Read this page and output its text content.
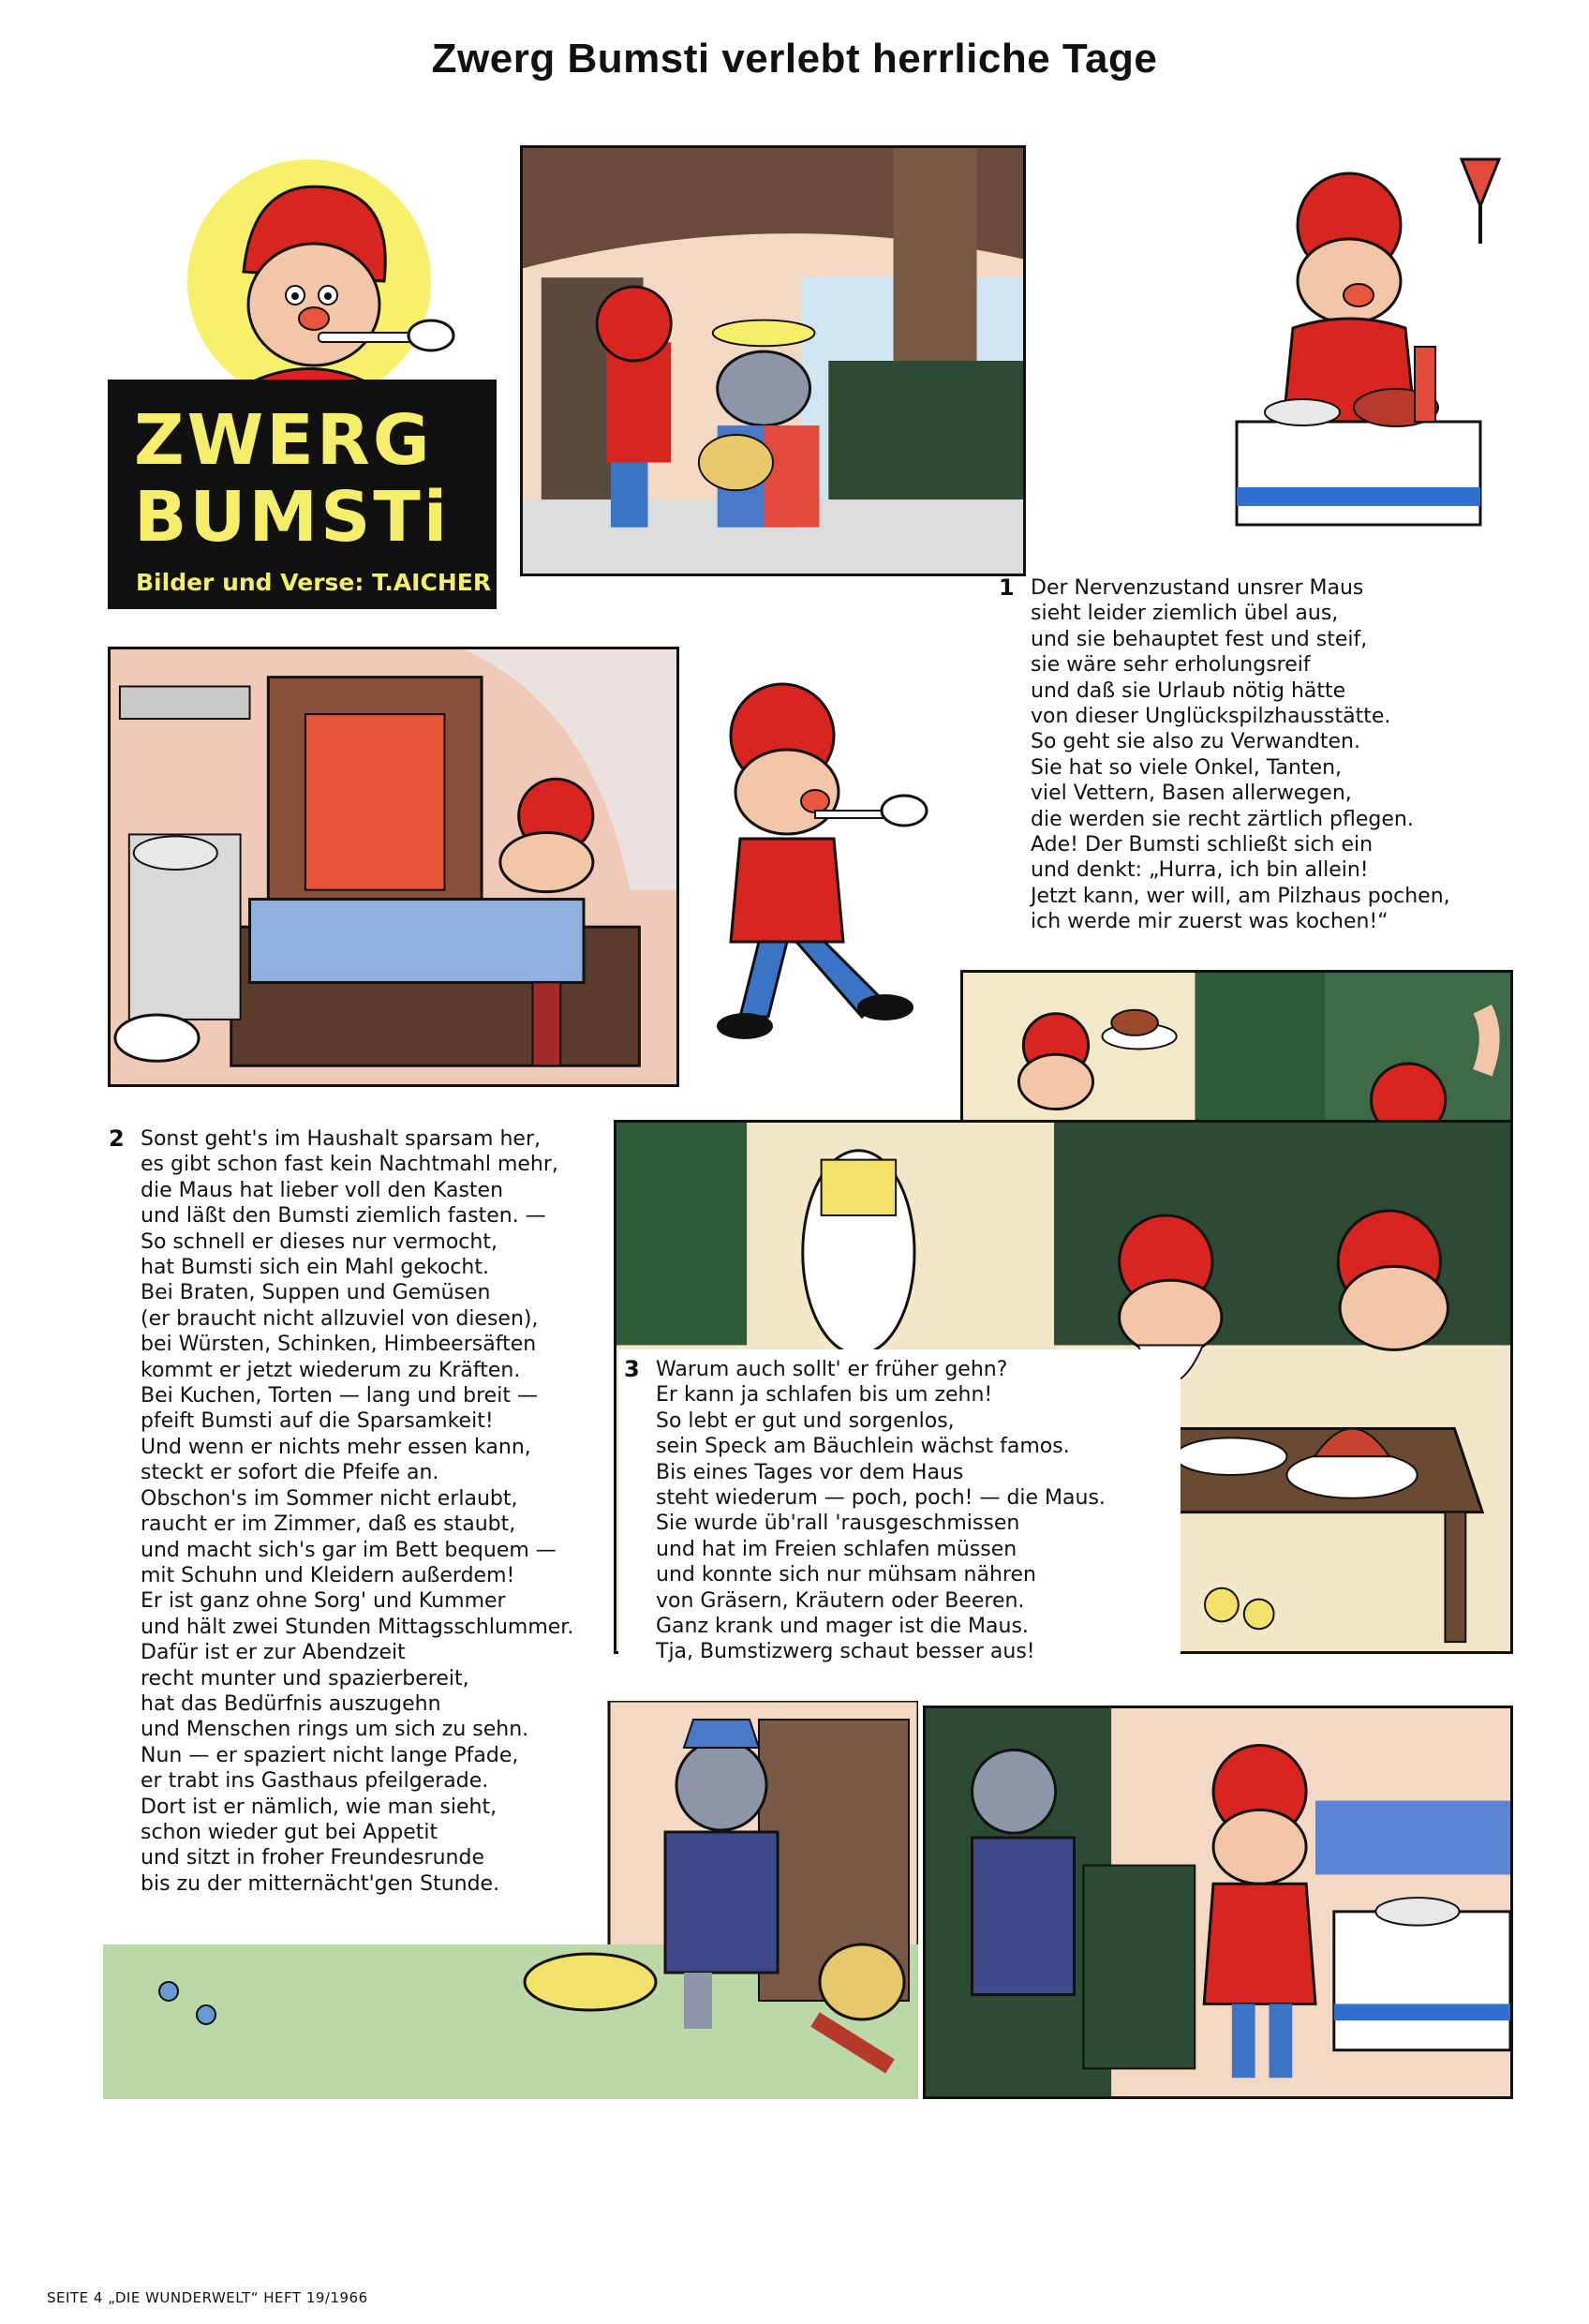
Zwerg Bumsti verlebt herrliche Tage
ZWERG
BUMSTi
Bilder und Verse: T.AICHER	1 Der Nervenzustand unsrer Maus
sieht leider ziemlich übel aus,
und sie behauptet fest und steif,
sie wäre sehr erholungsreif
und daß sie Urlaub nötig hätte
von dieser Unglückspilzhausstätte.
So geht sie also zu Verwandten.
Sie hat so viele Onkel, Tanten,
viel Vettern, Basen allerwegen,
die werden sie recht zärtlich pflegen.
Ade! Der Bumsti schließt sich ein
und denkt: „Hurra, ich bin allein!
Jetzt kann, wer will, am Pilzhaus pochen,
ich werde mir zuerst was kochen!“
2 Sonst geht's im Haushalt sparsam her,
es gibt schon fast kein Nachtmahl mehr,
die Maus hat lieber voll den Kasten
und läßt den Bumsti ziemlich fasten. —
So schnell er dieses nur vermocht,
hat Bumsti sich ein Mahl gekocht.
Bei Braten, Suppen und Gemüsen
(er braucht nicht allzuviel von diesen),
bei Würsten, Schinken, Himbeersäften
kommt er jetzt wiederum zu Kräften.
Bei Kuchen, Torten — lang und breit —
pfeift Bumsti auf die Sparsamkeit!
Und wenn er nichts mehr essen kann,
steckt er sofort die Pfeife an.
Obschon's im Sommer nicht erlaubt,
raucht er im Zimmer, daß es staubt,
und macht sich's gar im Bett bequem —
mit Schuhn und Kleidern außerdem!
Er ist ganz ohne Sorg' und Kummer
und hält zwei Stunden Mittagsschlummer.
Dafür ist er zur Abendzeit
recht munter und spazierbereit,
hat das Bedürfnis auszugehn
und Menschen rings um sich zu sehn.
Nun — er spaziert nicht lange Pfade,
er trabt ins Gasthaus pfeilgerade.
Dort ist er nämlich, wie man sieht,
schon wieder gut bei Appetit
und sitzt in froher Freundesrunde
bis zu der mitternächt'gen Stunde.
3 Warum auch sollt' er früher gehn?
Er kann ja schlafen bis um zehn!
So lebt er gut und sorgenlos,
sein Speck am Bäuchlein wächst famos.
Bis eines Tages vor dem Haus
steht wiederum — poch, poch! — die Maus.
Sie wurde üb'rall 'rausgeschmissen
und hat im Freien schlafen müssen
und konnte sich nur mühsam nähren
von Gräsern, Kräutern oder Beeren.
Ganz krank und mager ist die Maus.
Tja, Bumstizwerg schaut besser aus!
SEITE 4 „DIE WUNDERWELT“ HEFT 19/1966
